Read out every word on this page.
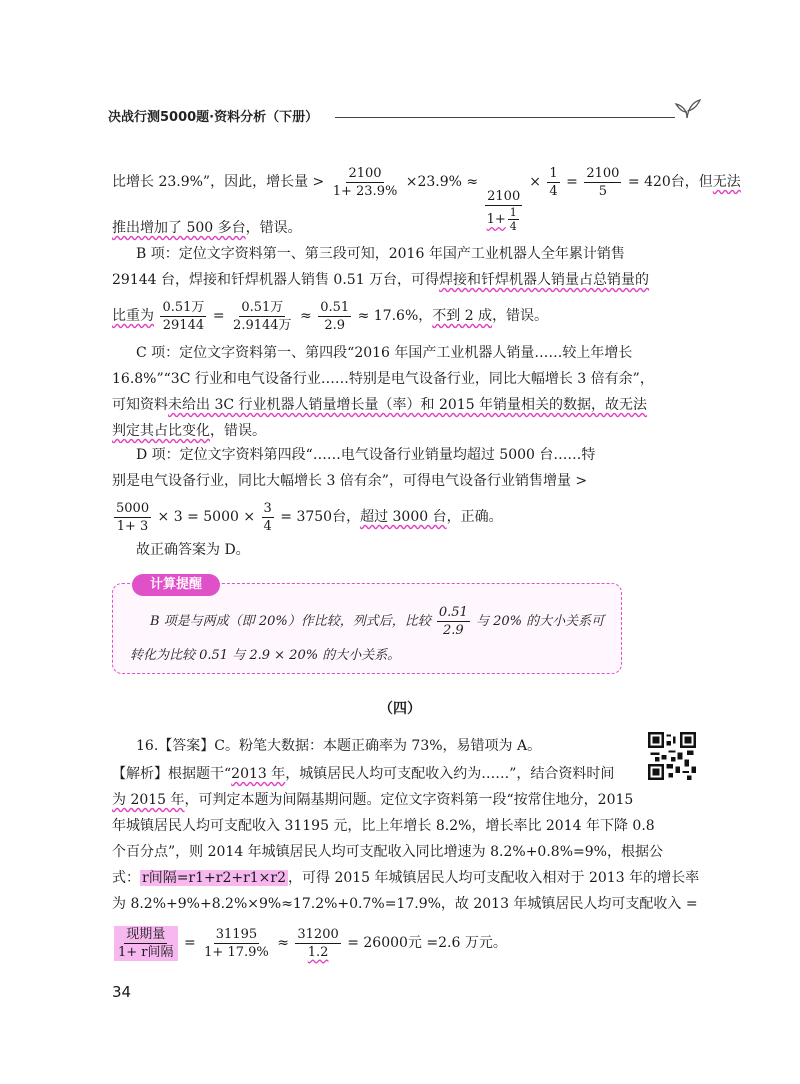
决战行测5000题·资料分析（下册）
比增长 23.9%”，因此，增长量 > $\frac{2100}{1+ 23.9\%} \times 23.9\%$ ≈
$\frac{2100}{1+ \frac{1}{4}}$
× $\frac{1}{4} = \frac{2100}{5} = 420$台，但无法
推出增加了 500 多台，错误。
B 项：定位文字资料第一、第三段可知，2016 年国产工业机器人全年累计销售
29144 台，焊接和钎焊机器人销售 0.51 万台，可得焊接和钎焊机器人销量占总销量的
比重为 $\frac{\text{0.51万}}{29144} = \frac{\text{0.51万}}{\text{2.9144万}} \approx \frac{0.51}{2.9} \approx 17.6\%$，不到 2 成，错误。
C 项：定位文字资料第一、第四段“2016 年国产工业机器人销量……较上年增长
16.8%”“3C 行业和电气设备行业……特别是电气设备行业，同比大幅增长 3 倍有余”，
可知资料未给出 3C 行业机器人销量增长量（率）和 2015 年销量相关的数据，故无法
判定其占比变化，错误。
D 项：定位文字资料第四段“……电气设备行业销量均超过 5000 台……特
别是电气设备行业，同比大幅增长 3 倍有余”，可得电气设备行业销售增量 >
$\frac{5000}{1+ 3} \times 3 = 5000 \times \frac{3}{4} = 3750$台，超过 3000 台，正确。
故正确答案为 D。
计算提醒
B 项是与两成（即 20%）作比较，列式后，比较 $\frac{0.51}{2.9}$ 与 20% 的大小关系可
转化为比较 0.51 与 2.9 × 20% 的大小关系。
（四）
16.【答案】C。粉笔大数据：本题正确率为 73%，易错项为 A。
【解析】根据题干“2013 年，城镇居民人均可支配收入约为……”，结合资料时间
为 2015 年，可判定本题为间隔基期问题。定位文字资料第一段“按常住地分，2015
年城镇居民人均可支配收入 31195 元，比上年增长 8.2%，增长率比 2014 年下降 0.8
个百分点”，则 2014 年城镇居民人均可支配收入同比增速为 8.2%+0.8%=9%，根据公
式： r间隔=r1+r2+r1×r2 ，可得 2015 年城镇居民人均可支配收入相对于 2013 年的增长率
为 8.2%+9%+8.2%×9%≈17.2%+0.7%=17.9%，故 2013 年城镇居民人均可支配收入 =
$\frac{\text{现期量}}{\text{1+ r间隔}} = \frac{31195}{1+ 17.9\%} \approx \frac{31200}{1.2} = 26000$元 =2.6 万元。
34
